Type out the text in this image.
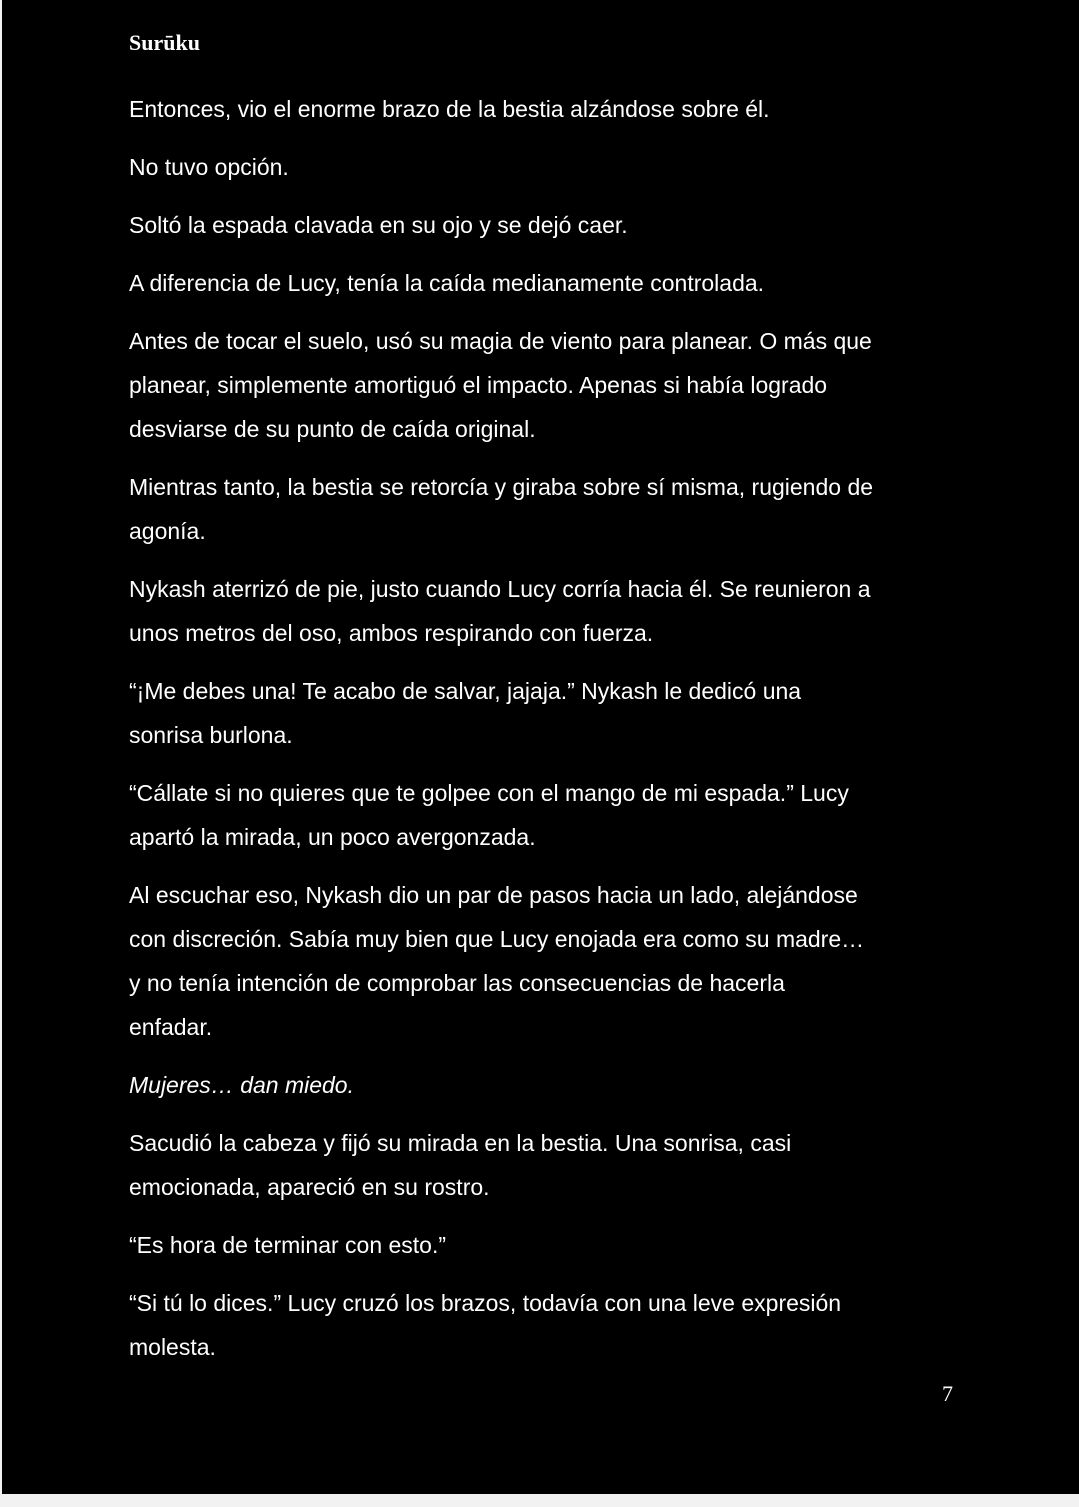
Surūku
Entonces, vio el enorme brazo de la bestia alzándose sobre él.
No tuvo opción.
Soltó la espada clavada en su ojo y se dejó caer.
A diferencia de Lucy, tenía la caída medianamente controlada.
Antes de tocar el suelo, usó su magia de viento para planear. O más que
planear, simplemente amortiguó el impacto. Apenas si había logrado
desviarse de su punto de caída original.
Mientras tanto, la bestia se retorcía y giraba sobre sí misma, rugiendo de
agonía.
Nykash aterrizó de pie, justo cuando Lucy corría hacia él. Se reunieron a
unos metros del oso, ambos respirando con fuerza.
“¡Me debes una! Te acabo de salvar, jajaja.” Nykash le dedicó una
sonrisa burlona.
“Cállate si no quieres que te golpee con el mango de mi espada.” Lucy
apartó la mirada, un poco avergonzada.
Al escuchar eso, Nykash dio un par de pasos hacia un lado, alejándose
con discreción. Sabía muy bien que Lucy enojada era como su madre…
y no tenía intención de comprobar las consecuencias de hacerla
enfadar.
Mujeres… dan miedo.
Sacudió la cabeza y fijó su mirada en la bestia. Una sonrisa, casi
emocionada, apareció en su rostro.
“Es hora de terminar con esto.”
“Si tú lo dices.” Lucy cruzó los brazos, todavía con una leve expresión
molesta.
7
